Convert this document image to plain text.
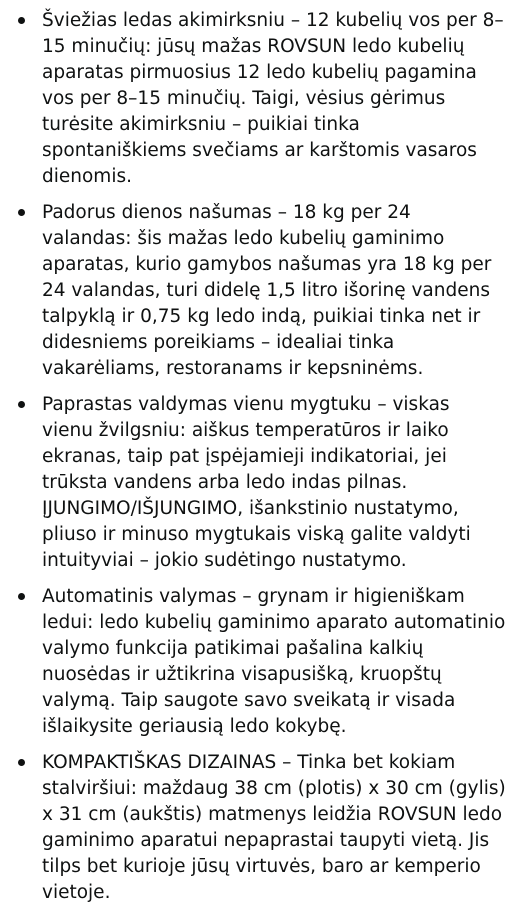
Šviežias ledas akimirksniu – 12 kubelių vos per 8–15 minučių: jūsų mažas ROVSUN ledo kubelių aparatas pirmuosius 12 ledo kubelių pagamina vos per 8–15 minučių. Taigi, vėsius gėrimus turėsite akimirksniu – puikiai tinka spontaniškiems svečiams ar karštomis vasaros dienomis.
Padorus dienos našumas – 18 kg per 24 valandas: šis mažas ledo kubelių gaminimo aparatas, kurio gamybos našumas yra 18 kg per 24 valandas, turi didelę 1,5 litro išorinę vandens talpyklą ir 0,75 kg ledo indą, puikiai tinka net ir didesniems poreikiams – idealiai tinka vakarėliams, restoranams ir kepsninėms.
Paprastas valdymas vienu mygtuku – viskas vienu žvilgsniu: aiškus temperatūros ir laiko ekranas, taip pat įspėjamieji indikatoriai, jei trūksta vandens arba ledo indas pilnas. ĮJUNGIMO/IŠJUNGIMO, išankstinio nustatymo, pliuso ir minuso mygtukais viską galite valdyti intuityviai – jokio sudėtingo nustatymo.
Automatinis valymas – grynam ir higieniškam ledui: ledo kubelių gaminimo aparato automatinio valymo funkcija patikimai pašalina kalkių nuosėdas ir užtikrina visapusišką, kruopštų valymą. Taip saugote savo sveikatą ir visada išlaikysite geriausią ledo kokybę.
KOMPAKTIŠKAS DIZAINAS – Tinka bet kokiam stalviršiui: maždaug 38 cm (plotis) x 30 cm (gylis) x 31 cm (aukštis) matmenys leidžia ROVSUN ledo gaminimo aparatui nepaprastai taupyti vietą. Jis tilps bet kurioje jūsų virtuvės, baro ar kemperio vietoje.
